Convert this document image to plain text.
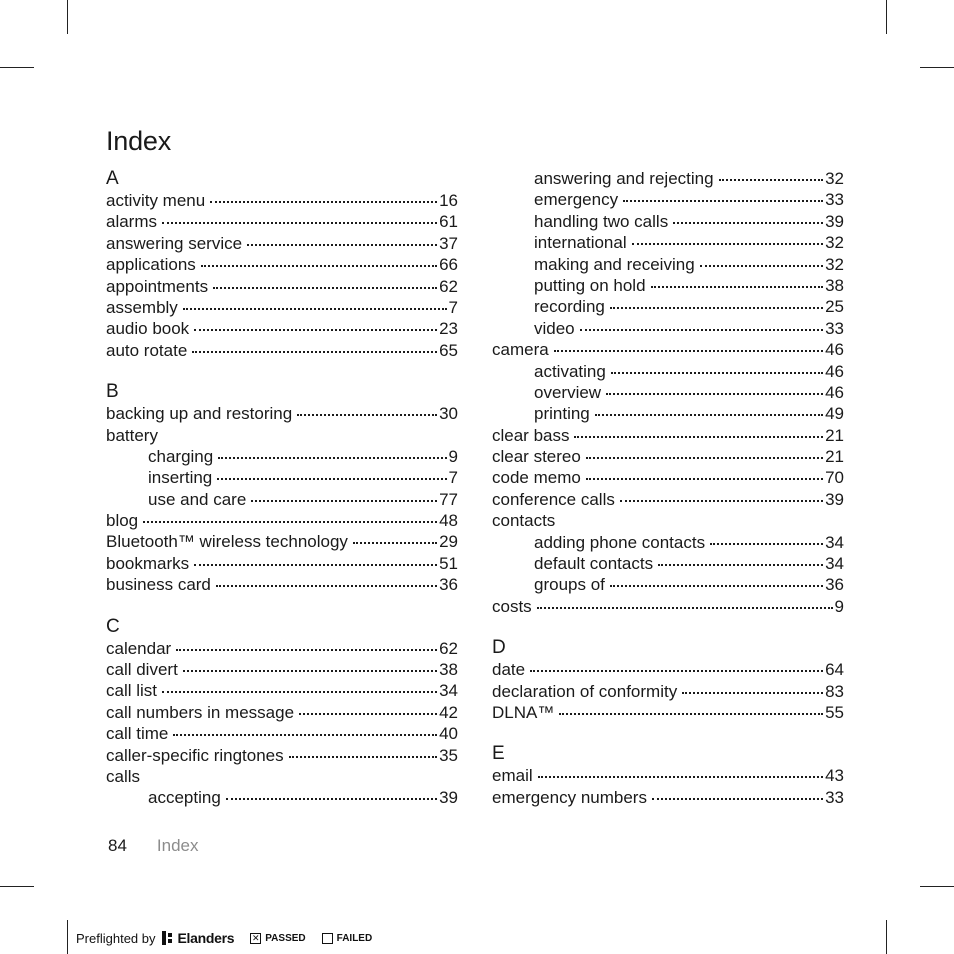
Index
A
activity menu	16
alarms	61
answering service	37
applications	66
appointments	62
assembly	7
audio book	23
auto rotate	65
B
backing up and restoring	30
battery
charging	9
inserting	7
use and care	77
blog	48
Bluetooth™ wireless technology	29
bookmarks	51
business card	36
C
calendar	62
call divert	38
call list	34
call numbers in message	42
call time	40
caller-specific ringtones	35
calls
accepting	39
answering and rejecting	32
emergency	33
handling two calls	39
international	32
making and receiving	32
putting on hold	38
recording	25
video	33
camera	46
activating	46
overview	46
printing	49
clear bass	21
clear stereo	21
code memo	70
conference calls	39
contacts
adding phone contacts	34
default contacts	34
groups of	36
costs	9
D
date	64
declaration of conformity	83
DLNA™	55
E
email	43
emergency numbers	33
84 Index
Preflighted by Elanders ✕ PASSED	FAILED
